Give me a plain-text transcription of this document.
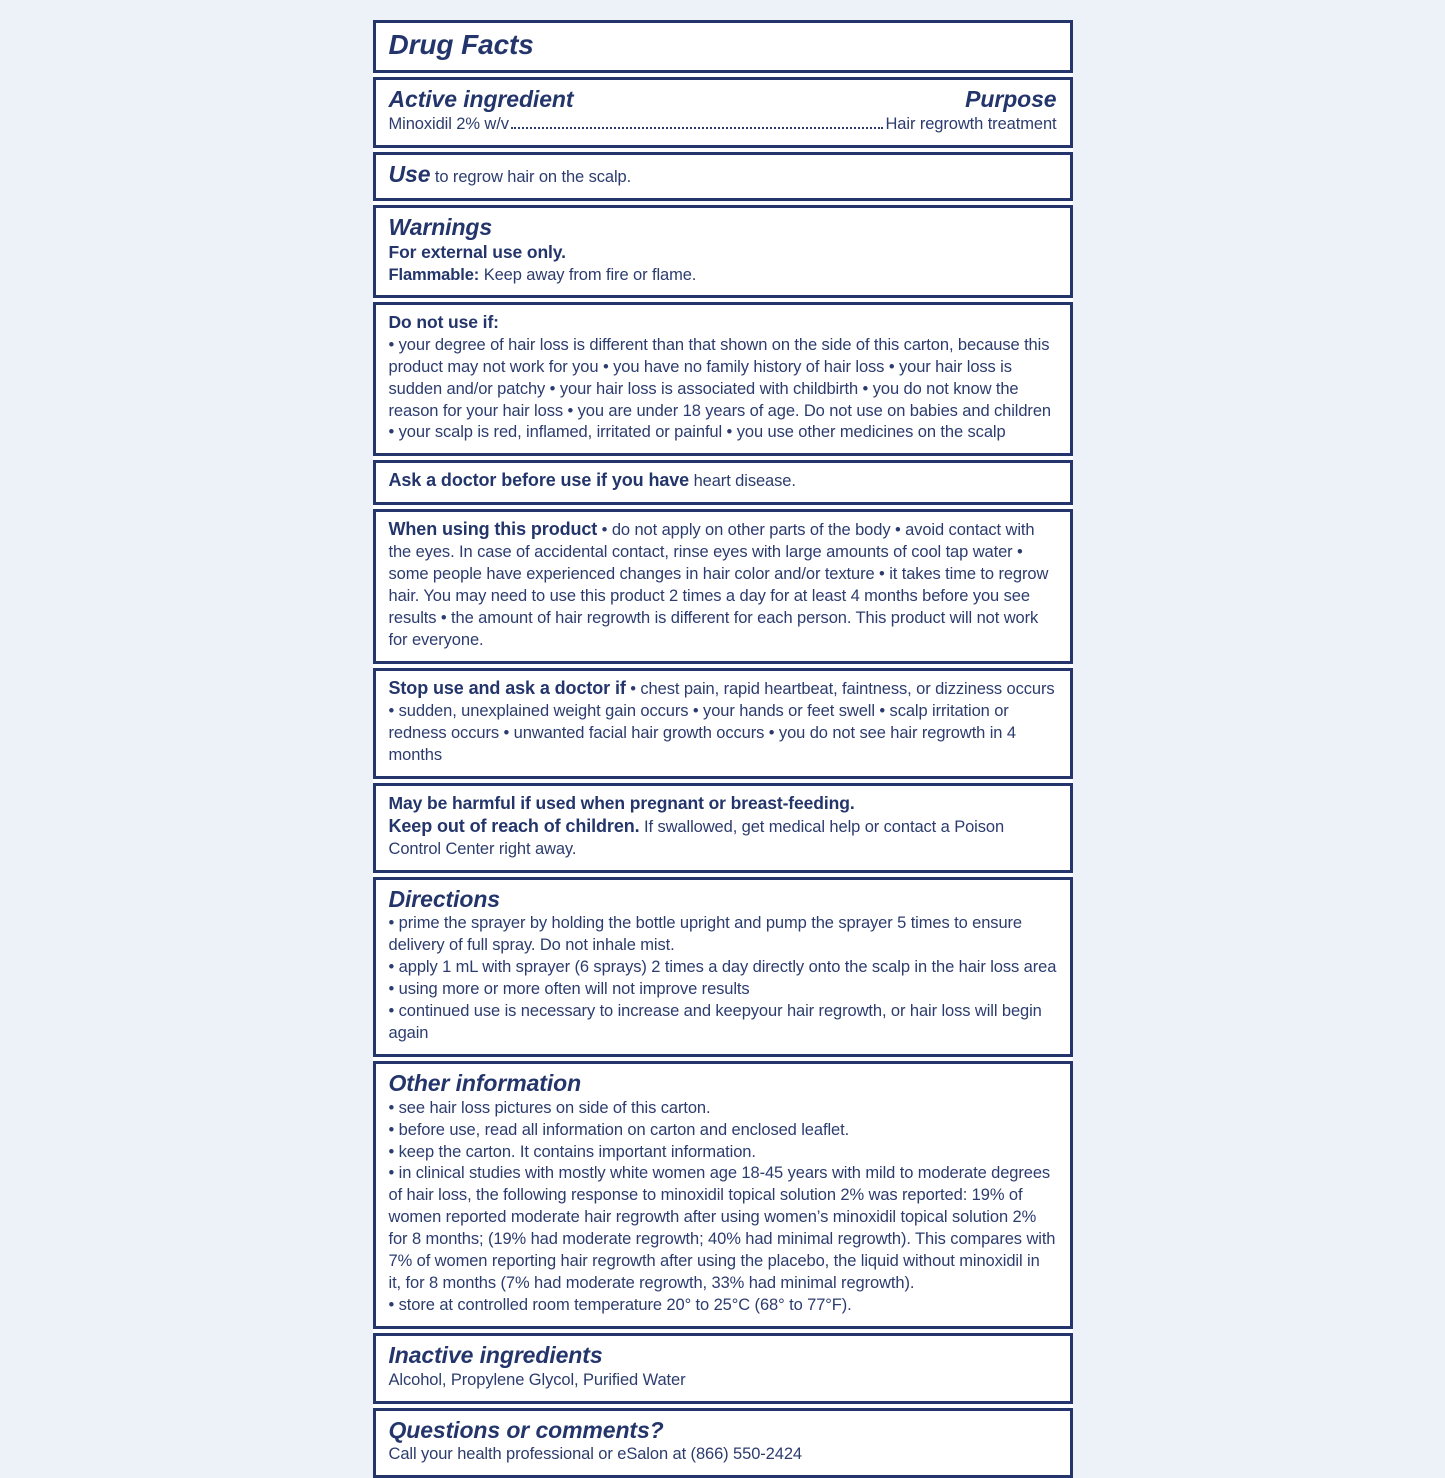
Drug Facts
Active ingredient	Purpose
Minoxidil 2% w/v	Hair regrowth treatment

Use to regrow hair on the scalp.

Warnings
For external use only.

Flammable: Keep away from fire or flame.

Do not use if:

• your degree of hair loss is different than that shown on the side of this carton, because this product may not work for you • you have no family history of hair loss • your hair loss is sudden and/or patchy • your hair loss is associated with childbirth • you do not know the reason for your hair loss • you are under 18 years of age. Do not use on babies and children • your scalp is red, inflamed, irritated or painful • you use other medicines on the scalp

Ask a doctor before use if you have heart disease.

When using this product • do not apply on other parts of the body • avoid contact with the eyes. In case of accidental contact, rinse eyes with large amounts of cool tap water • some people have experienced changes in hair color and/or texture • it takes time to regrow hair. You may need to use this product 2 times a day for at least 4 months before you see results • the amount of hair regrowth is different for each person. This product will not work for everyone.

Stop use and ask a doctor if • chest pain, rapid heartbeat, faintness, or dizziness occurs • sudden, unexplained weight gain occurs • your hands or feet swell • scalp irritation or redness occurs • unwanted facial hair growth occurs • you do not see hair regrowth in 4 months

May be harmful if used when pregnant or breast-feeding.

Keep out of reach of children. If swallowed, get medical help or contact a Poison Control Center right away.

Directions

• prime the sprayer by holding the bottle upright and pump the sprayer 5 times to ensure delivery of full spray. Do not inhale mist.

• apply 1 mL with sprayer (6 sprays) 2 times a day directly onto the scalp in the hair loss area

• using more or more often will not improve results

• continued use is necessary to increase and keepyour hair regrowth, or hair loss will begin again

Other information

• see hair loss pictures on side of this carton.

• before use, read all information on carton and enclosed leaflet.

• keep the carton. It contains important information.

• in clinical studies with mostly white women age 18-45 years with mild to moderate degrees of hair loss, the following response to minoxidil topical solution 2% was reported: 19% of women reported moderate hair regrowth after using women’s minoxidil topical solution 2% for 8 months; (19% had moderate regrowth; 40% had minimal regrowth). This compares with 7% of women reporting hair regrowth after using the placebo, the liquid without minoxidil in it, for 8 months (7% had moderate regrowth, 33% had minimal regrowth).

• store at controlled room temperature 20° to 25°C (68° to 77°F).

Inactive ingredients

Alcohol, Propylene Glycol, Purified Water

Questions or comments?

Call your health professional or eSalon at (866) 550-2424
